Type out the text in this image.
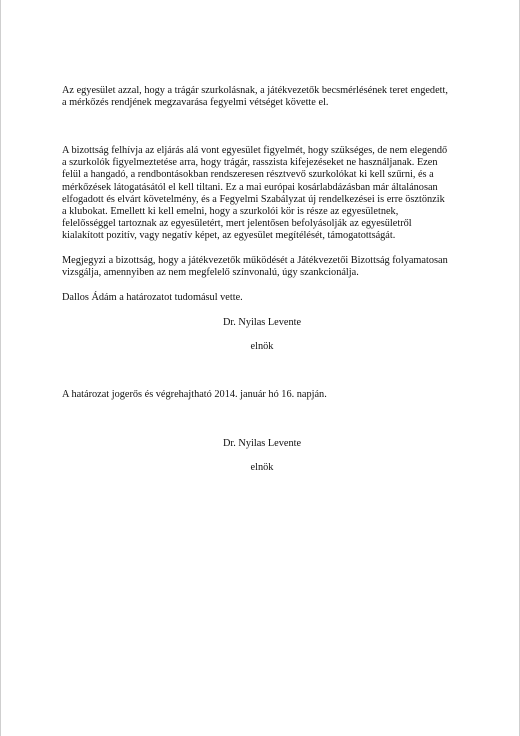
Az egyesület azzal, hogy a trágár szurkolásnak, a játékvezetők becsmérlésének teret engedett,
a mérkőzés rendjének megzavarása fegyelmi vétséget követte el.

A bizottság felhívja az eljárás alá vont egyesület figyelmét, hogy szükséges, de nem elegendő
a szurkolók figyelmeztetése arra, hogy trágár, rasszista kifejezéseket ne használjanak. Ezen
felül a hangadó, a rendbontásokban rendszeresen résztvevő szurkolókat ki kell szűrni, és a
mérkőzések látogatásától el kell tiltani. Ez a mai európai kosárlabdázásban már általánosan
elfogadott és elvárt követelmény, és a Fegyelmi Szabályzat új rendelkezései is erre ösztönzik
a klubokat. Emellett ki kell emelni, hogy a szurkolói kör is része az egyesületnek,
felelősséggel tartoznak az egyesületért, mert jelentősen befolyásolják az egyesületről
kialakított pozitív, vagy negatív képet, az egyesület megítélését, támogatottságát.

Megjegyzi a bizottság, hogy a játékvezetők működését a Játékvezetői Bizottság folyamatosan
vizsgálja, amennyiben az nem megfelelő színvonalú, úgy szankcionálja.

Dallos Ádám a határozatot tudomásul vette.

Dr. Nyilas Levente

elnök

A határozat jogerős és végrehajtható 2014. január hó 16. napján.

Dr. Nyilas Levente

elnök
